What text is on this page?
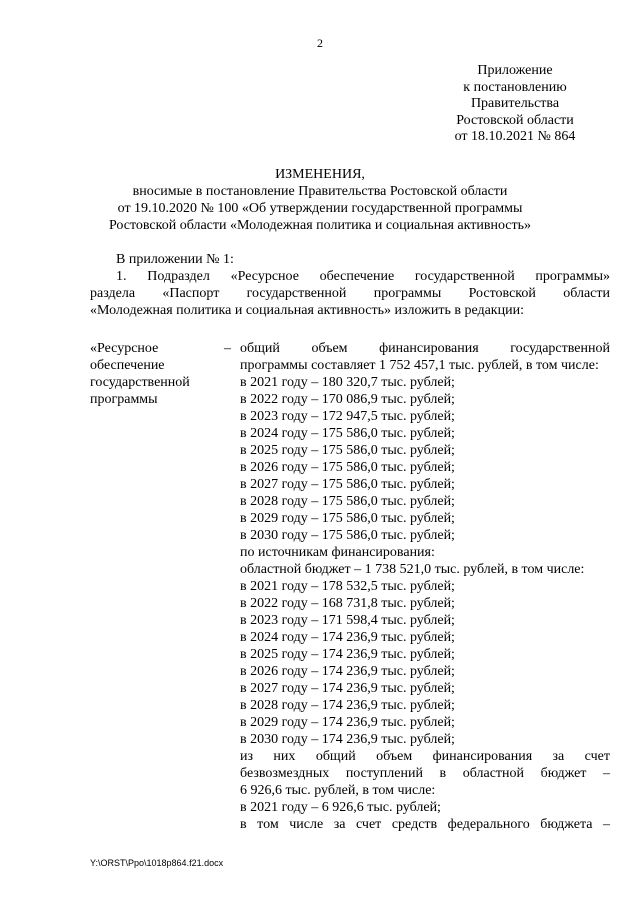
2
Приложение
к постановлению
Правительства
Ростовской области
от 18.10.2021 № 864
ИЗМЕНЕНИЯ,
вносимые в постановление Правительства Ростовской области
от 19.10.2020 № 100 «Об утверждении государственной программы
Ростовской области «Молодежная политика и социальная активность»
В приложении № 1:
1. Подраздел «Ресурсное обеспечение государственной программы»
раздела «Паспорт государственной программы Ростовской области
«Молодежная политика и социальная активность» изложить в редакции:
«Ресурсное
обеспечение
государственной
программы
– общий объем финансирования государственной
программы составляет 1 752 457,1 тыс. рублей, в том числе:
в 2021 году – 180 320,7 тыс. рублей;
в 2022 году – 170 086,9 тыс. рублей;
в 2023 году – 172 947,5 тыс. рублей;
в 2024 году – 175 586,0 тыс. рублей;
в 2025 году – 175 586,0 тыс. рублей;
в 2026 году – 175 586,0 тыс. рублей;
в 2027 году – 175 586,0 тыс. рублей;
в 2028 году – 175 586,0 тыс. рублей;
в 2029 году – 175 586,0 тыс. рублей;
в 2030 году – 175 586,0 тыс. рублей;
по источникам финансирования:
областной бюджет – 1 738 521,0 тыс. рублей, в том числе:
в 2021 году – 178 532,5 тыс. рублей;
в 2022 году – 168 731,8 тыс. рублей;
в 2023 году – 171 598,4 тыс. рублей;
в 2024 году – 174 236,9 тыс. рублей;
в 2025 году – 174 236,9 тыс. рублей;
в 2026 году – 174 236,9 тыс. рублей;
в 2027 году – 174 236,9 тыс. рублей;
в 2028 году – 174 236,9 тыс. рублей;
в 2029 году – 174 236,9 тыс. рублей;
в 2030 году – 174 236,9 тыс. рублей;
из них общий объем финансирования за счет
безвозмездных поступлений в областной бюджет –
6 926,6 тыс. рублей, в том числе:
в 2021 году – 6 926,6 тыс. рублей;
в том числе за счет средств федерального бюджета –
Y:\ORST\Ppo\1018p864.f21.docx
